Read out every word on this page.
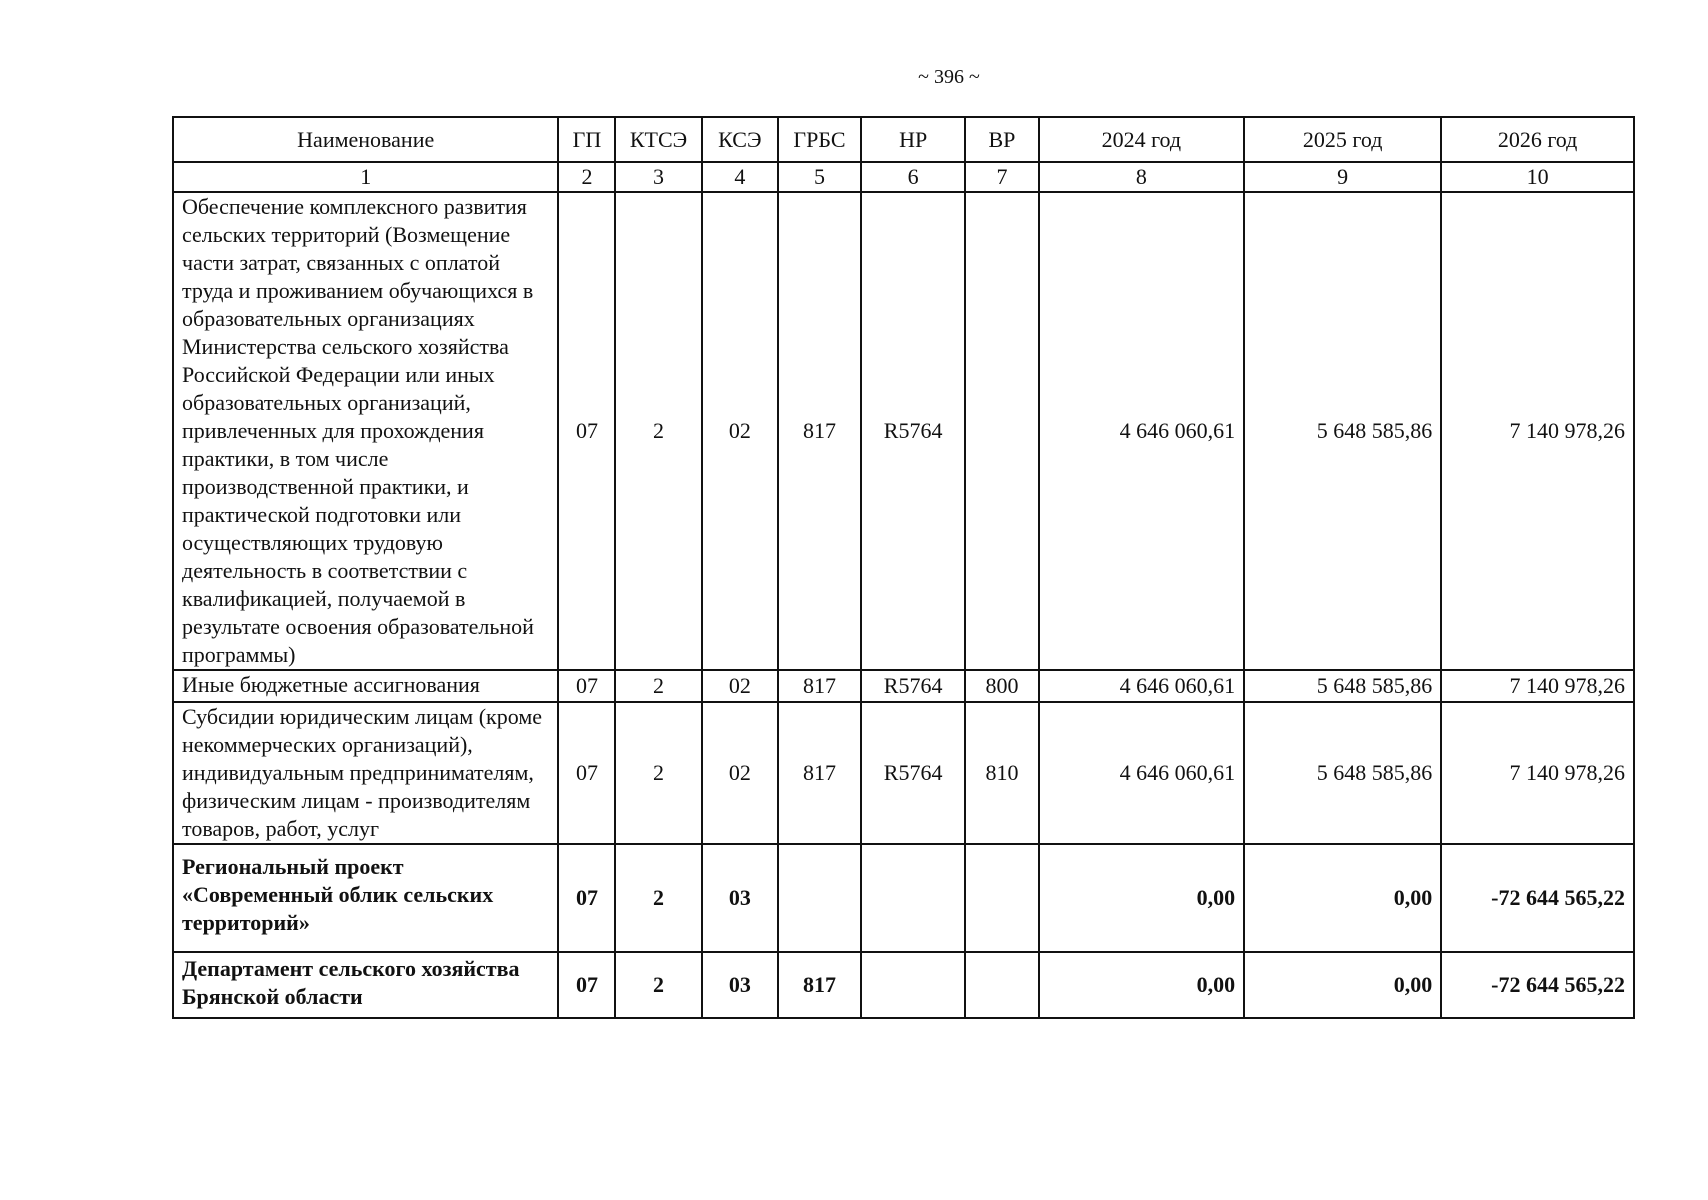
~ 396 ~
Наименование	ГП	КТСЭ	КСЭ	ГРБС	НР	ВР	2024 год	2025 год	2026 год
1	2	3	4	5	6	7	8	9	10
Обеспечение комплексного развития сельских территорий (Возмещение части затрат, связанных с оплатой труда и проживанием обучающихся в образовательных организациях Министерства сельского хозяйства Российской Федерации или иных образовательных организаций, привлеченных для прохождения практики, в том числе производственной практики, и практической подготовки или осуществляющих трудовую деятельность в соответствии с квалификацией, получаемой в результате освоения образовательной программы)	07	2	02	817	R5764		4 646 060,61	5 648 585,86	7 140 978,26
Иные бюджетные ассигнования	07	2	02	817	R5764	800	4 646 060,61	5 648 585,86	7 140 978,26
Субсидии юридическим лицам (кроме некоммерческих организаций), индивидуальным предпринимателям, физическим лицам - производителям товаров, работ, услуг	07	2	02	817	R5764	810	4 646 060,61	5 648 585,86	7 140 978,26
Региональный проект «Современный облик сельских территорий»	07	2	03				0,00	0,00	-72 644 565,22
Департамент сельского хозяйства Брянской области	07	2	03	817			0,00	0,00	-72 644 565,22
